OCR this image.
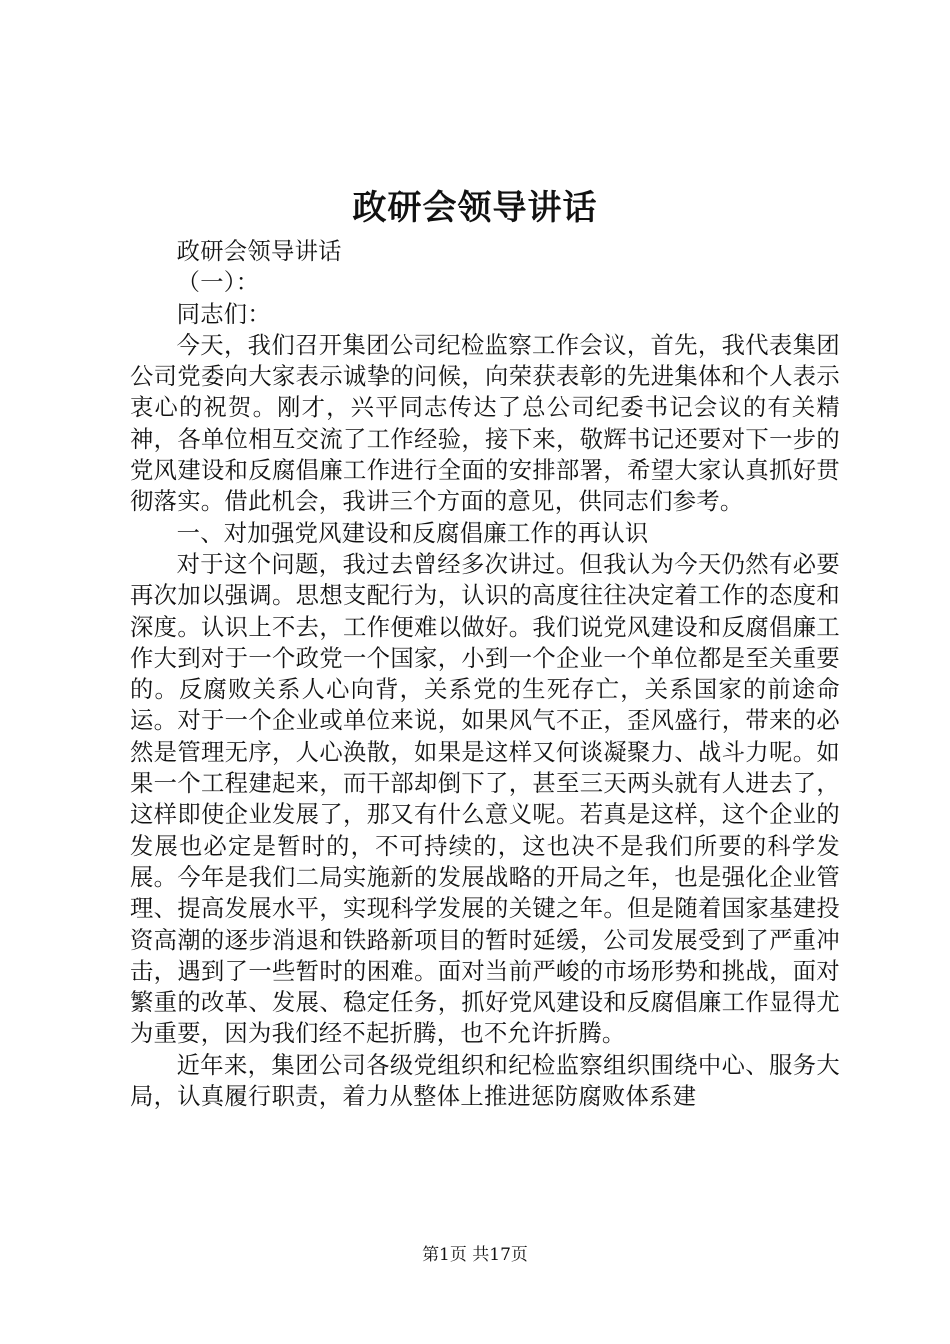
政研会领导讲话

政研会领导讲话

（一）：

同志们：

今天，我们召开集团公司纪检监察工作会议，首先，我代表集团公司党委向大家表示诚挚的问候，向荣获表彰的先进集体和个人表示衷心的祝贺。刚才，兴平同志传达了总公司纪委书记会议的有关精神，各单位相互交流了工作经验，接下来，敬辉书记还要对下一步的党风建设和反腐倡廉工作进行全面的安排部署，希望大家认真抓好贯彻落实。借此机会，我讲三个方面的意见，供同志们参考。

一、对加强党风建设和反腐倡廉工作的再认识

对于这个问题，我过去曾经多次讲过。但我认为今天仍然有必要再次加以强调。思想支配行为，认识的高度往往决定着工作的态度和深度。认识上不去，工作便难以做好。我们说党风建设和反腐倡廉工作大到对于一个政党一个国家，小到一个企业一个单位都是至关重要的。反腐败关系人心向背，关系党的生死存亡，关系国家的前途命运。对于一个企业或单位来说，如果风气不正，歪风盛行，带来的必然是管理无序，人心涣散，如果是这样又何谈凝聚力、战斗力呢。如果一个工程建起来，而干部却倒下了，甚至三天两头就有人进去了，这样即使企业发展了，那又有什么意义呢。若真是这样，这个企业的发展也必定是暂时的，不可持续的，这也决不是我们所要的科学发展。今年是我们二局实施新的发展战略的开局之年，也是强化企业管理、提高发展水平，实现科学发展的关键之年。但是随着国家基建投资高潮的逐步消退和铁路新项目的暂时延缓，公司发展受到了严重冲击，遇到了一些暂时的困难。面对当前严峻的市场形势和挑战，面对繁重的改革、发展、稳定任务，抓好党风建设和反腐倡廉工作显得尤为重要，因为我们经不起折腾，也不允许折腾。

近年来，集团公司各级党组织和纪检监察组织围绕中心、服务大局，认真履行职责，着力从整体上推进惩防腐败体系建

第1页 共17页
